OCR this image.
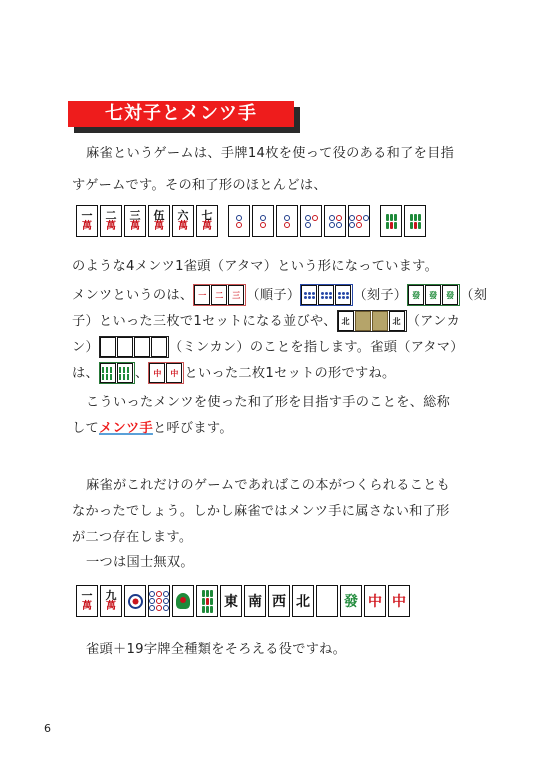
七対子とメンツ手
麻雀というゲームは、手牌14枚を使って役のある和了を目指
すゲームです。その和了形のほとんどは、
一
萬
二
萬
三
萬
伍
萬
六
萬
七
萬
のような4メンツ1雀頭（アタマ）という形になっています。
メンツというのは、 一 二 三 （順子）	（刻子） 發 發 發 （刻
子）といった三枚で1セットになる並びや、 北	北 （アンカ
ン）	（ミンカン）のことを指します。雀頭（アタマ）
は、	、 中 中 といった二枚1セットの形ですね。
こういったメンツを使った和了形を目指す手のことを、総称
してメンツ手と呼びます。
麻雀がこれだけのゲームであればこの本がつくられることも
なかったでしょう。しかし麻雀ではメンツ手に属さない和了形
が二つ存在します。
一つは国士無双。
一
萬
九
萬	東 南 西 北 發 中 中
雀頭＋19字牌全種類をそろえる役ですね。
6
